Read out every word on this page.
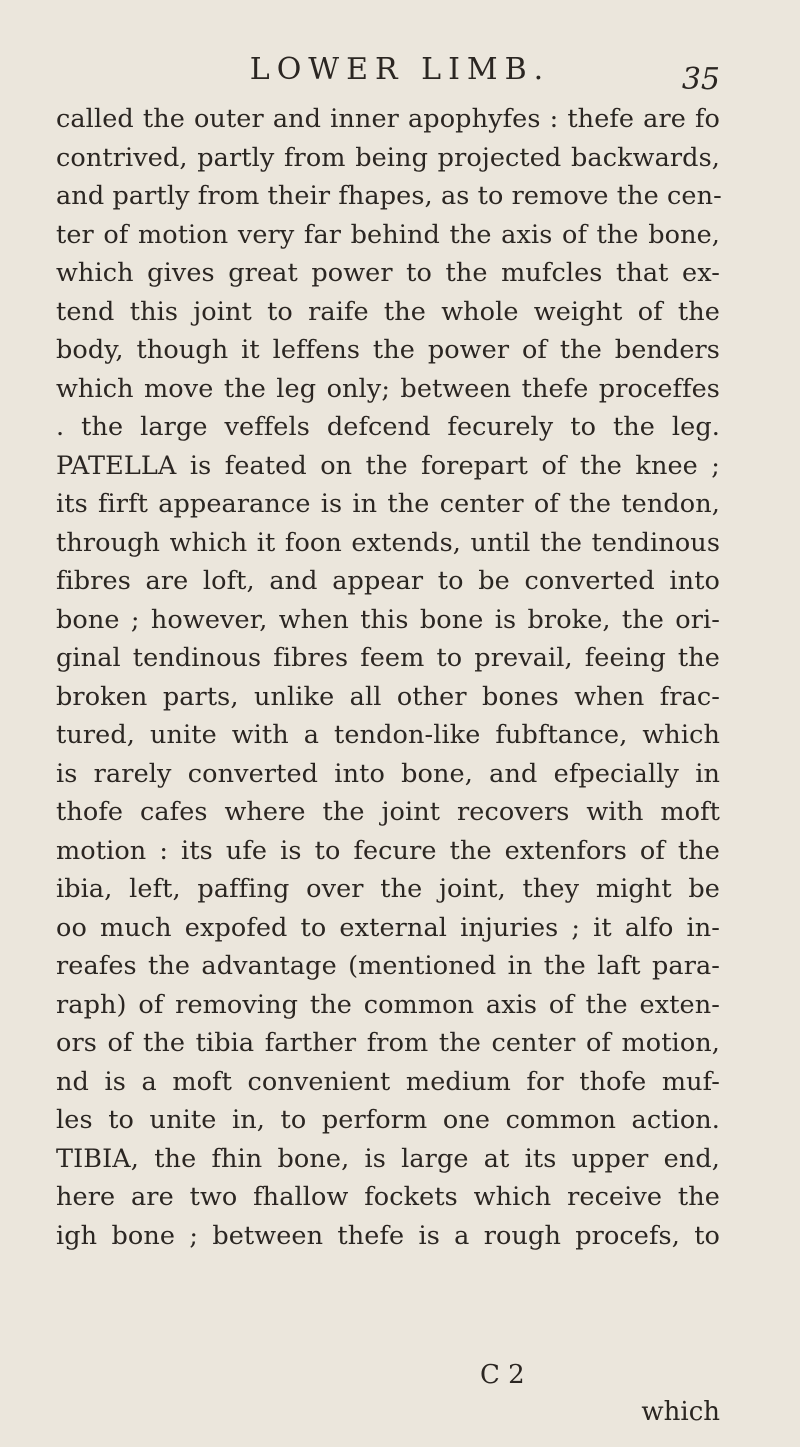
LOWER LIMB.	35
called the outer and inner apophyfes : thefe are fo
contrived, partly from being projected backwards,
and partly from their fhapes, as to remove the cen-
ter of motion very far behind the axis of the bone,
which gives great power to the mufcles that ex-
tend this joint to raife the whole weight of the
body, though it leffens the power of the benders
which move the leg only; between thefe proceffes
. the large veffels defcend fecurely to the leg.
PATELLA is feated on the forepart of the knee ;
its firft appearance is in the center of the tendon,
through which it foon extends, until the tendinous
fibres are loft, and appear to be converted into
bone ; however, when this bone is broke, the ori-
ginal tendinous fibres feem to prevail, feeing the
broken parts, unlike all other bones when frac-
tured, unite with a tendon-like fubftance, which
is rarely converted into bone, and efpecially in
thofe cafes where the joint recovers with moft
motion : its ufe is to fecure the extenfors of the
ibia, left, paffing over the joint, they might be
oo much expofed to external injuries ; it alfo in-
reafes the advantage (mentioned in the laft para-
raph) of removing the common axis of the exten-
ors of the tibia farther from the center of motion,
nd is a moft convenient medium for thofe muf-
les to unite in, to perform one common action.
TIBIA, the fhin bone, is large at its upper end,
here are two fhallow fockets which receive the
igh bone ; between thefe is a rough procefs, to
C 2
which
